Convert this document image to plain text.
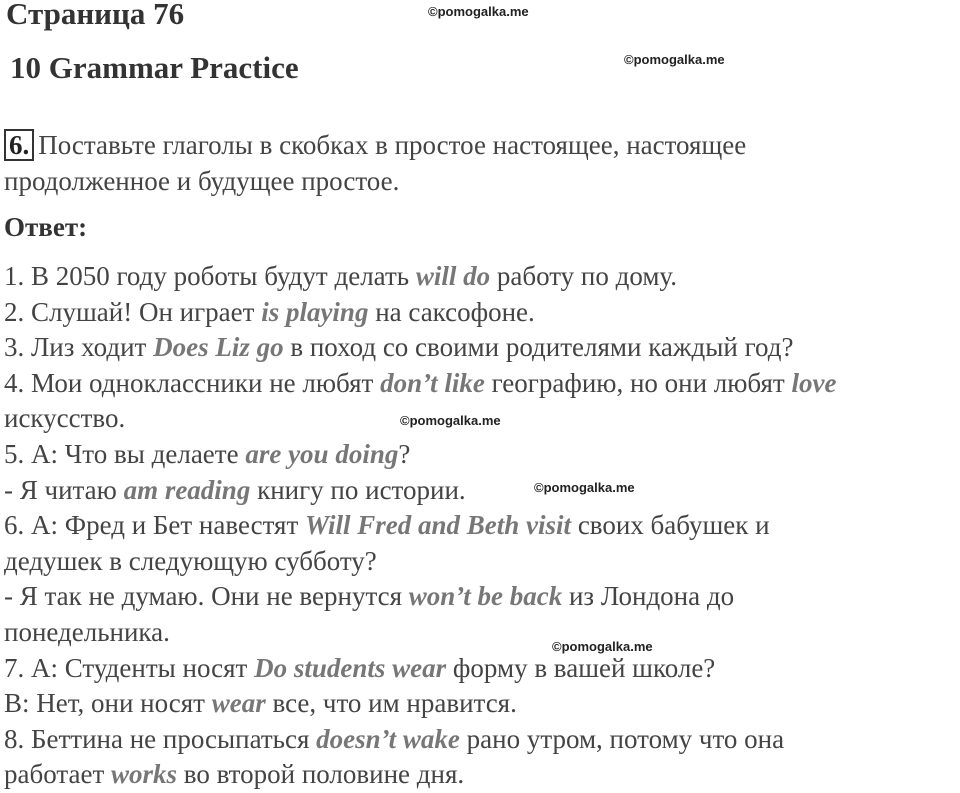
Страница 76	©pomogalka.me
10 Grammar Practice	©pomogalka.me
6. Поставьте глаголы в скобках в простое настоящее, настоящее
продолженное и будущее простое.
Ответ:
1. В 2050 году роботы будут делать will do работу по дому.
2. Слушай! Он играет is playing на саксофоне.
3. Лиз ходит Does Liz go в поход со своими родителями каждый год?
4. Мои одноклассники не любят don’t like географию, но они любят love
искусство.
5. А: Что вы делаете are you doing?
- Я читаю am reading книгу по истории.
6. А: Фред и Бет навестят Will Fred and Beth visit своих бабушек и
дедушек в следующую субботу?
- Я так не думаю. Они не вернутся won’t be back из Лондона до
понедельника.
7. А: Студенты носят Do students wear форму в вашей школе?
В: Нет, они носят wear все, что им нравится.
8. Беттина не просыпаться doesn’t wake рано утром, потому что она
работает works во второй половине дня.
©pomogalka.me
©pomogalka.me
©pomogalka.me
